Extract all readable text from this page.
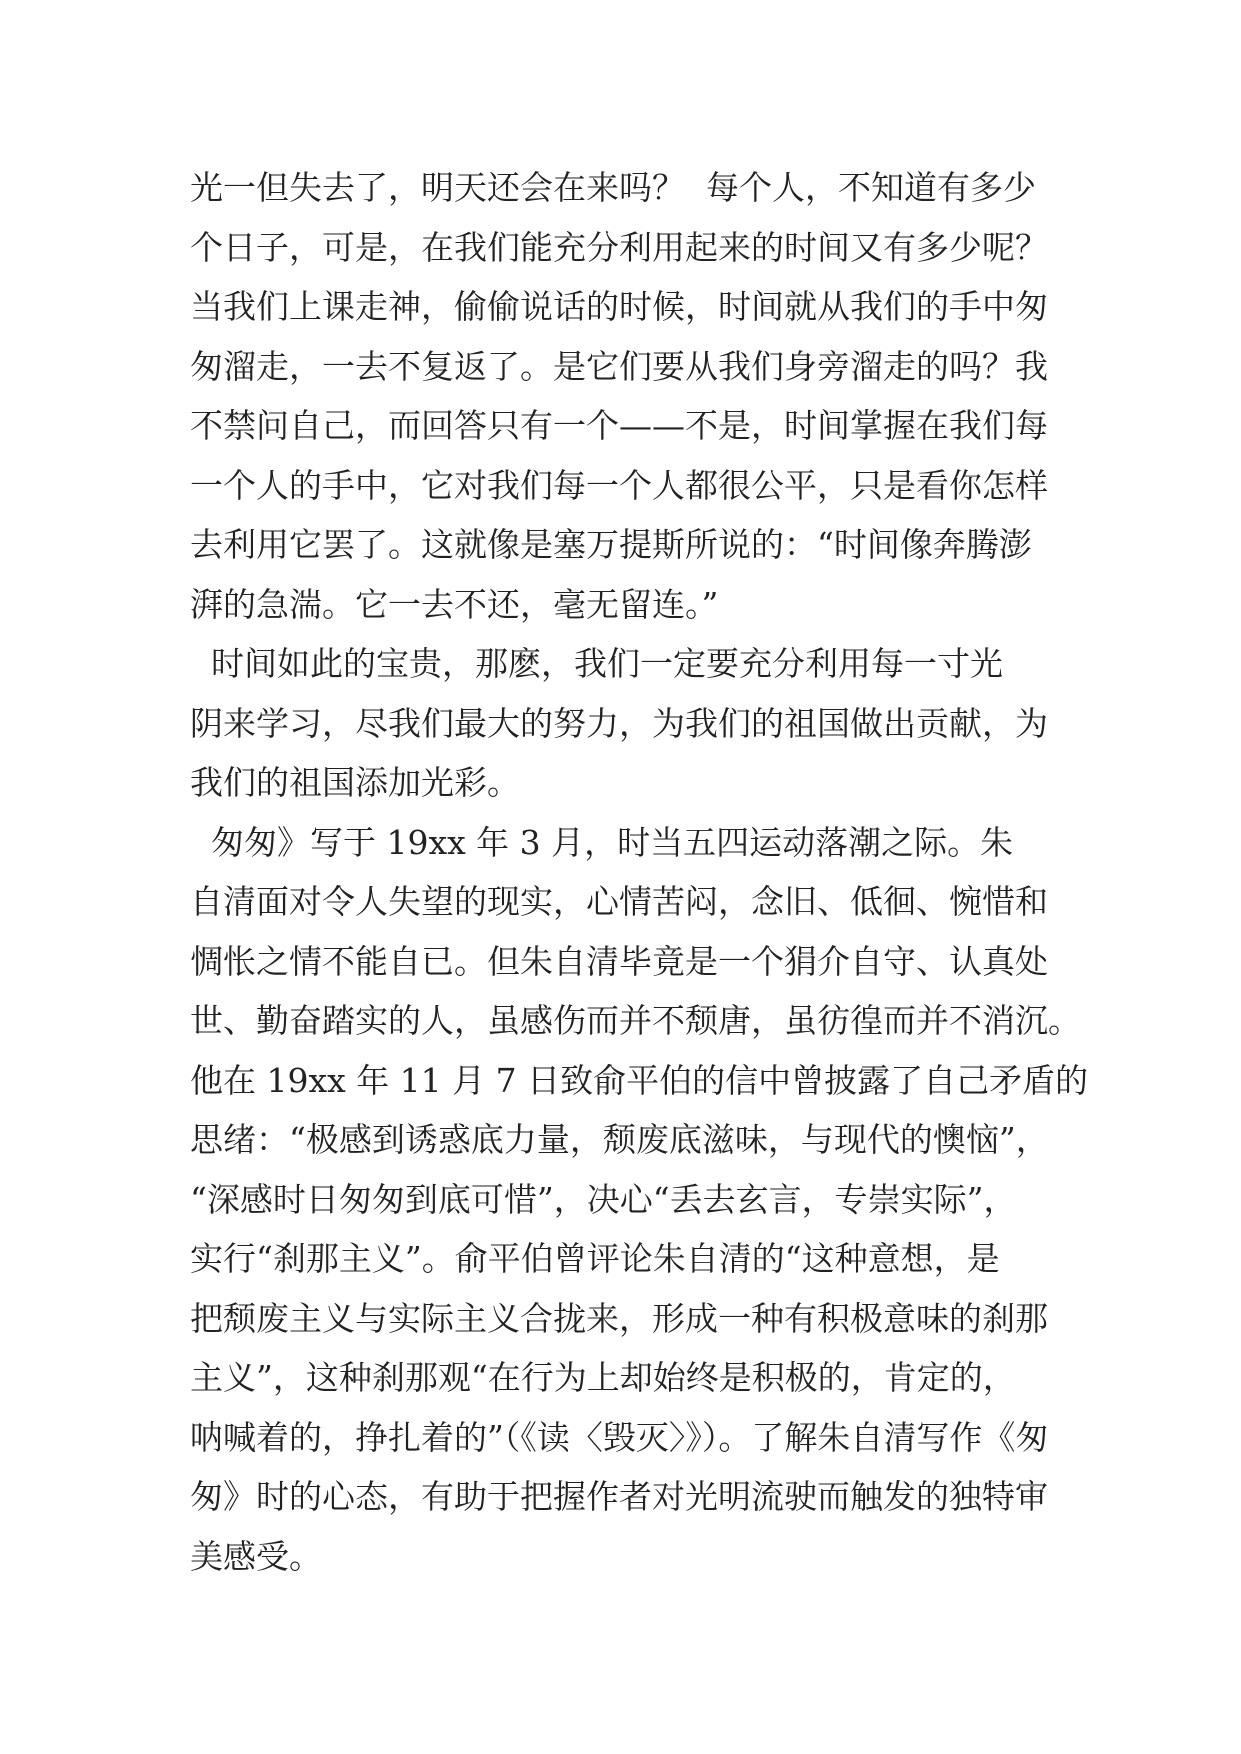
光一但失去了，明天还会在来吗？  每个人，不知道有多少
个日子，可是，在我们能充分利用起来的时间又有多少呢？
当我们上课走神，偷偷说话的时候，时间就从我们的手中匆
匆溜走，一去不复返了。是它们要从我们身旁溜走的吗？我
不禁问自己，而回答只有一个——不是，时间掌握在我们每
一个人的手中，它对我们每一个人都很公平，只是看你怎样
去利用它罢了。这就像是塞万提斯所说的：“时间像奔腾澎
湃的急湍。它一去不还，毫无留连。”
时间如此的宝贵，那麽，我们一定要充分利用每一寸光
阴来学习，尽我们最大的努力，为我们的祖国做出贡献，为
我们的祖国添加光彩。
匆匆》写于 19xx 年 3 月，时当五四运动落潮之际。朱
自清面对令人失望的现实，心情苦闷，念旧、低徊、惋惜和
惆怅之情不能自已。但朱自清毕竟是一个狷介自守、认真处
世、勤奋踏实的人，虽感伤而并不颓唐，虽彷徨而并不消沉。
他在 19xx 年 11 月 7 日致俞平伯的信中曾披露了自己矛盾的
思绪：“极感到诱惑底力量，颓废底滋味，与现代的懊恼”，
“深感时日匆匆到底可惜”，决心“丢去玄言，专崇实际”，
实行“刹那主义”。俞平伯曾评论朱自清的“这种意想，是
把颓废主义与实际主义合拢来，形成一种有积极意味的刹那
主义”，这种刹那观“在行为上却始终是积极的，肯定的，
呐喊着的，挣扎着的”（《读〈毁灭〉》）。了解朱自清写作《匆
匆》时的心态，有助于把握作者对光明流驶而触发的独特审
美感受。
